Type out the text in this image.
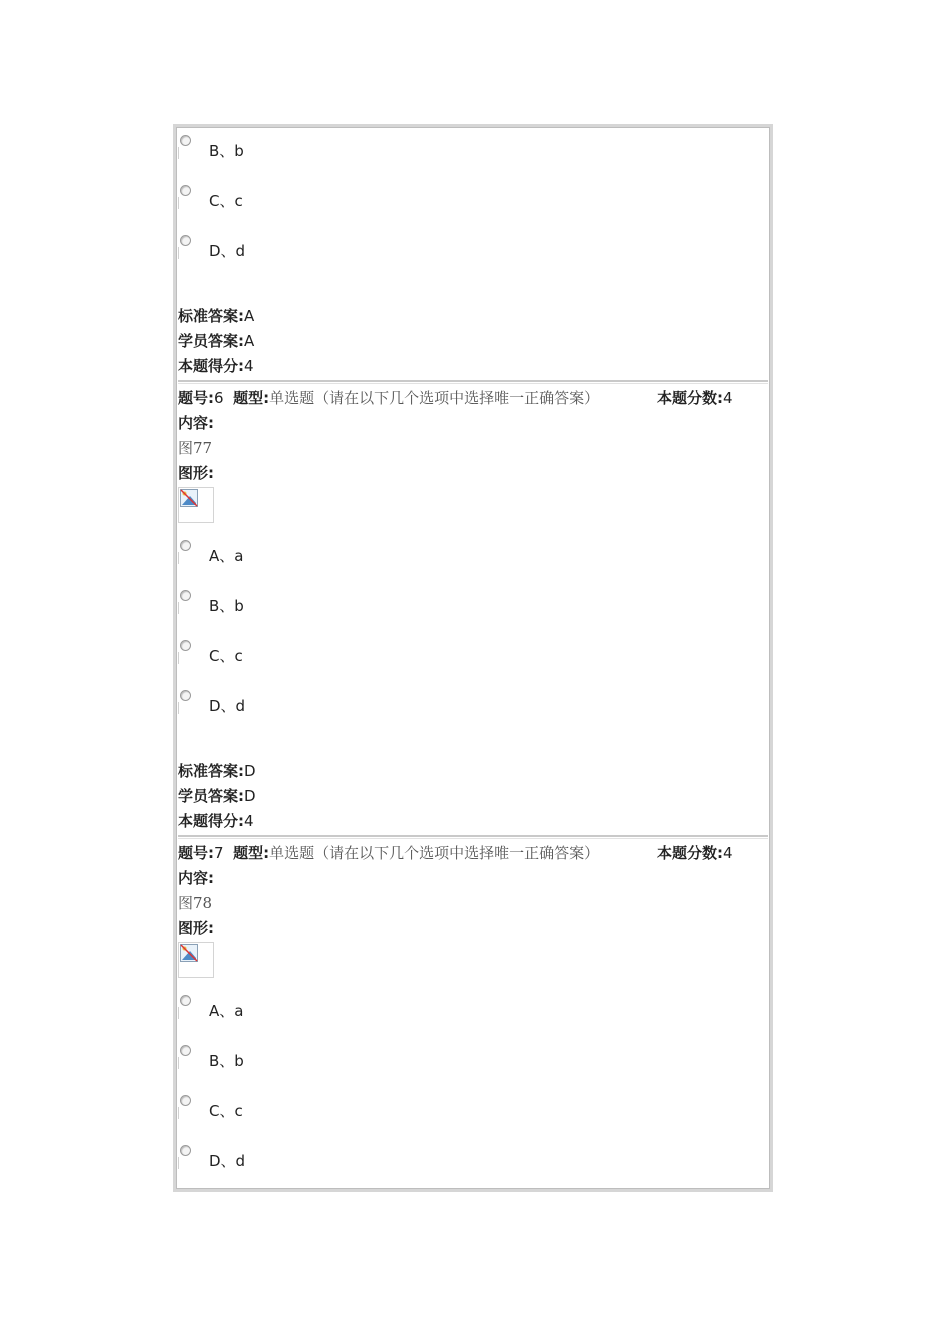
B、b
C、c
D、d
标准答案:A
学员答案:A
本题得分:4
题号:6 题型:单选题（请在以下几个选项中选择唯一正确答案）	本题分数:4
内容:
图77
图形:
A、a
B、b
C、c
D、d
标准答案:D
学员答案:D
本题得分:4
题号:7 题型:单选题（请在以下几个选项中选择唯一正确答案）	本题分数:4
内容:
图78
图形:
A、a
B、b
C、c
D、d
